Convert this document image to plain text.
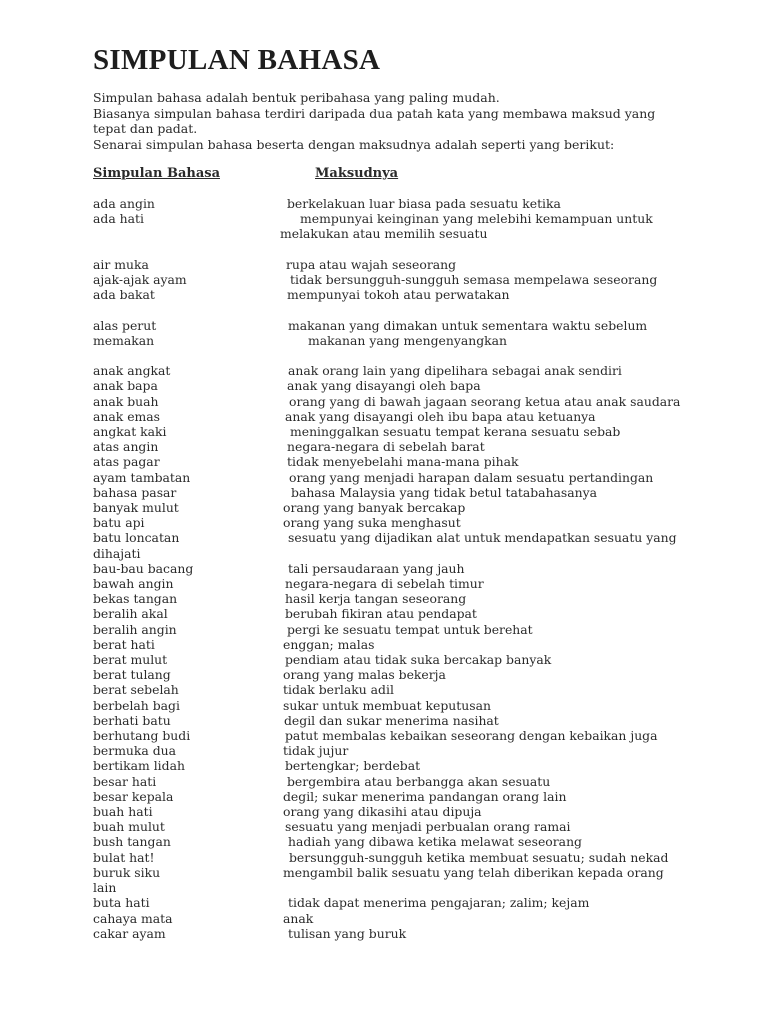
SIMPULAN BAHASA

Simpulan bahasa adalah bentuk peribahasa yang paling mudah.

Biasanya simpulan bahasa terdiri daripada dua patah kata yang membawa maksud yang tepat dan padat.

Senarai simpulan bahasa beserta dengan maksudnya adalah seperti yang berikut:

Simpulan Bahasa	Maksudnya
ada angin	berkelakuan luar biasa pada sesuatu ketika
ada hati	mempunyai keinginan yang melebihi kemampuan untuk
melakukan atau memilih sesuatu
air muka	rupa atau wajah seseorang
ajak-ajak ayam	tidak bersungguh-sungguh semasa mempelawa seseorang
ada bakat	mempunyai tokoh atau perwatakan
alas perut	makanan yang dimakan untuk sementara waktu sebelum
memakan	makanan yang mengenyangkan
anak angkat	anak orang lain yang dipelihara sebagai anak sendiri
anak bapa	anak yang disayangi oleh bapa
anak buah	orang yang di bawah jagaan seorang ketua atau anak saudara
anak emas	anak yang disayangi oleh ibu bapa atau ketuanya
angkat kaki	meninggalkan sesuatu tempat kerana sesuatu sebab
atas angin	negara-negara di sebelah barat
atas pagar	tidak menyebelahi mana-mana pihak
ayam tambatan	orang yang menjadi harapan dalam sesuatu pertandingan
bahasa pasar	bahasa Malaysia yang tidak betul tatabahasanya
banyak mulut	orang yang banyak bercakap
batu api	orang yang suka menghasut
batu loncatan	sesuatu yang dijadikan alat untuk mendapatkan sesuatu yang
dihajati
bau-bau bacang	tali persaudaraan yang jauh
bawah angin	negara-negara di sebelah timur
bekas tangan	hasil kerja tangan seseorang
beralih akal	berubah fikiran atau pendapat
beralih angin	pergi ke sesuatu tempat untuk berehat
berat hati	enggan; malas
berat mulut	pendiam atau tidak suka bercakap banyak
berat tulang	orang yang malas bekerja
berat sebelah	tidak berlaku adil
berbelah bagi	sukar untuk membuat keputusan
berhati batu	degil dan sukar menerima nasihat
berhutang budi	patut membalas kebaikan seseorang dengan kebaikan juga
bermuka dua	tidak jujur
bertikam lidah	bertengkar; berdebat
besar hati	bergembira atau berbangga akan sesuatu
besar kepala	degil; sukar menerima pandangan orang lain
buah hati	orang yang dikasihi atau dipuja
buah mulut	sesuatu yang menjadi perbualan orang ramai
bush tangan	hadiah yang dibawa ketika melawat seseorang
bulat hat!	bersungguh-sungguh ketika membuat sesuatu; sudah nekad
buruk siku	mengambil balik sesuatu yang telah diberikan kepada orang
lain
buta hati	tidak dapat menerima pengajaran; zalim; kejam
cahaya mata	anak
cakar ayam	tulisan yang buruk
